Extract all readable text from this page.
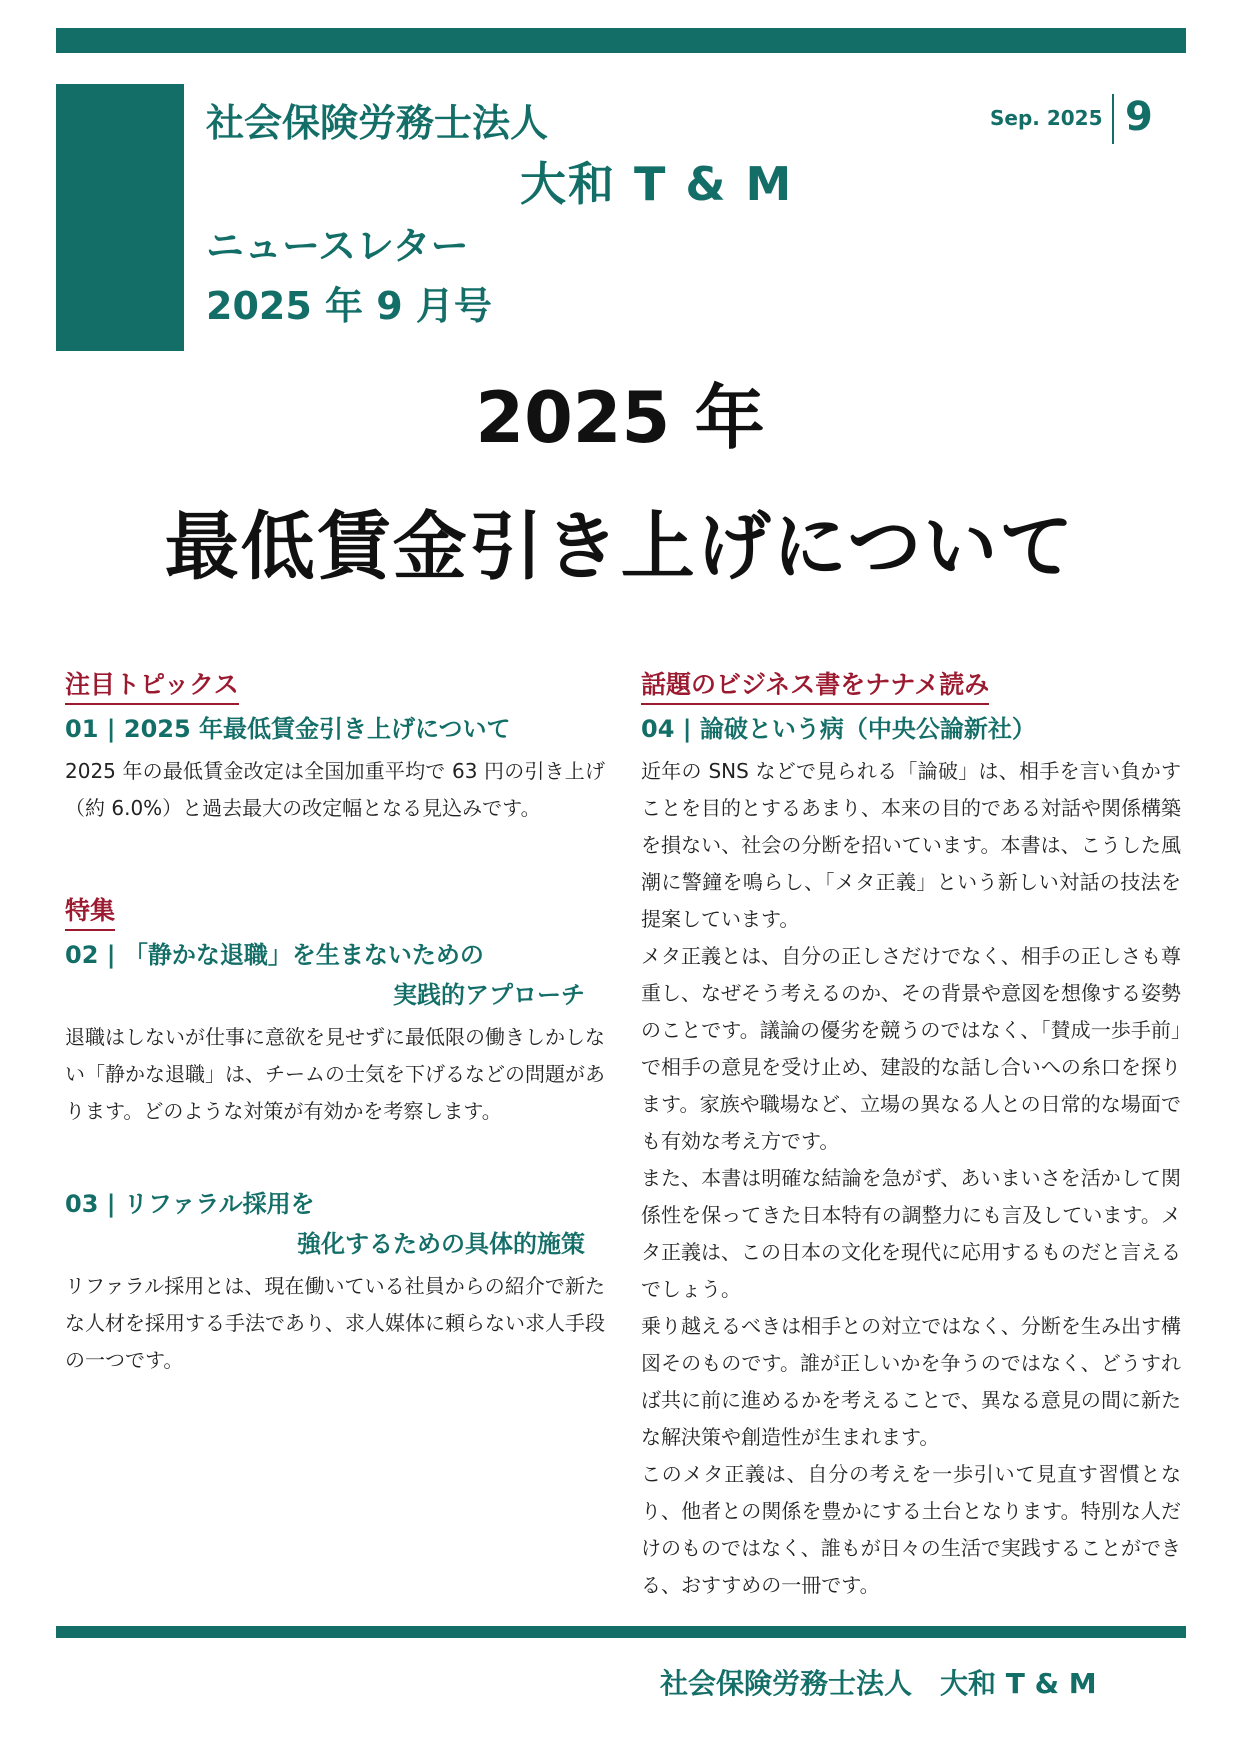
社会保険労務士法人
大和 T & M
ニュースレター
2025 年 9 月号
Sep. 2025 9
2025 年
最低賃金引き上げについて
注目トピックス
01 | 2025 年最低賃金引き上げについて

2025 年の最低賃金改定は全国加重平均で 63 円の引き上げ（約 6.0%）と過去最大の改定幅となる見込みです。

特集
02 | 「静かな退職」を生まないための
実践的アプローチ

退職はしないが仕事に意欲を見せずに最低限の働きしかしない「静かな退職」は、チームの士気を下げるなどの問題があります。どのような対策が有効かを考察します。

03 | リファラル採用を
強化するための具体的施策

リファラル採用とは、現在働いている社員からの紹介で新たな人材を採用する手法であり、求人媒体に頼らない求人手段の一つです。

話題のビジネス書をナナメ読み
04 | 論破という病（中央公論新社）

近年の SNS などで見られる「論破」は、相手を言い負かすことを目的とするあまり、本来の目的である対話や関係構築を損ない、社会の分断を招いています。本書は、こうした風潮に警鐘を鳴らし、「メタ正義」という新しい対話の技法を提案しています。

メタ正義とは、自分の正しさだけでなく、相手の正しさも尊重し、なぜそう考えるのか、その背景や意図を想像する姿勢のことです。議論の優劣を競うのではなく、「賛成一歩手前」で相手の意見を受け止め、建設的な話し合いへの糸口を探ります。家族や職場など、立場の異なる人との日常的な場面でも有効な考え方です。

また、本書は明確な結論を急がず、あいまいさを活かして関係性を保ってきた日本特有の調整力にも言及しています。メタ正義は、この日本の文化を現代に応用するものだと言えるでしょう。

乗り越えるべきは相手との対立ではなく、分断を生み出す構図そのものです。誰が正しいかを争うのではなく、どうすれば共に前に進めるかを考えることで、異なる意見の間に新たな解決策や創造性が生まれます。

このメタ正義は、自分の考えを一歩引いて見直す習慣となり、他者との関係を豊かにする土台となります。特別な人だけのものではなく、誰もが日々の生活で実践することができる、おすすめの一冊です。

社会保険労務士法人　大和 T & M
